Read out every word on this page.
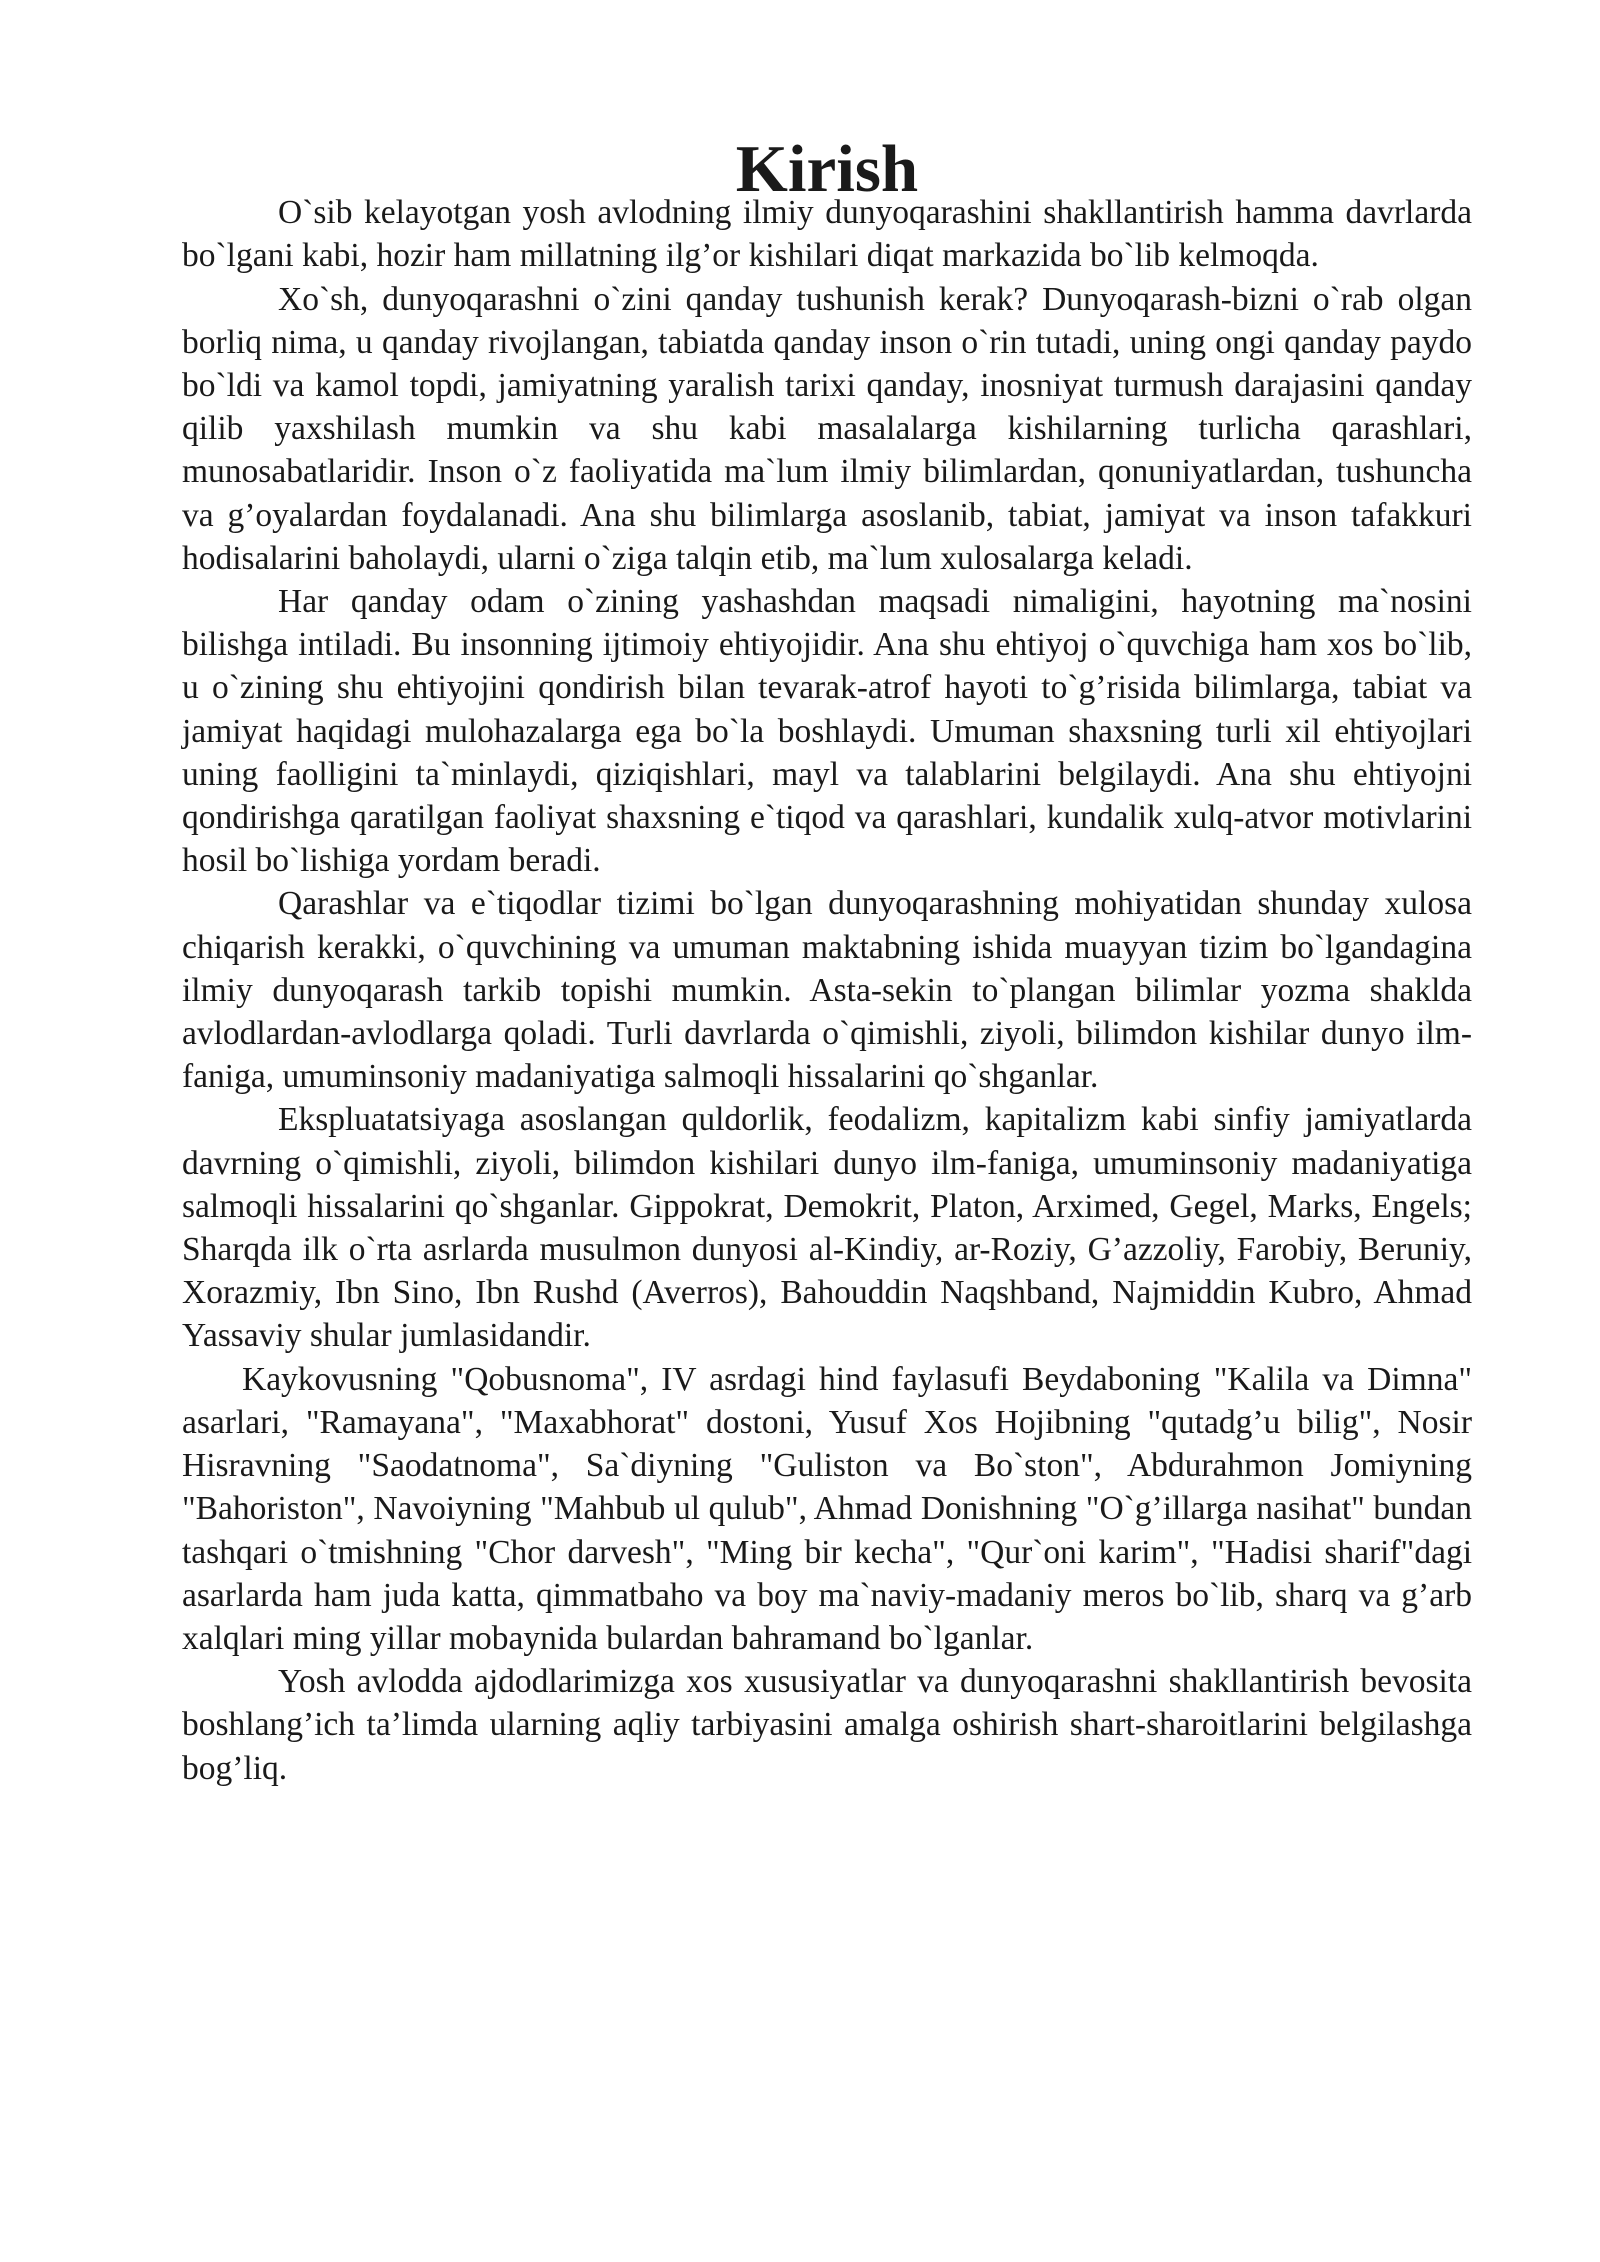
Kirish

O`sib kelayotgan yosh avlodning ilmiy dunyoqarashini shakllantirish hamma davrlarda bo`lgani kabi, hozir ham millatning ilg’or kishilari diqat markazida bo`lib kelmoqda.

Xo`sh, dunyoqarashni o`zini qanday tushunish kerak? Dunyoqarash-bizni o`rab olgan borliq nima, u qanday rivojlangan, tabiatda qanday inson o`rin tutadi, uning ongi qanday paydo bo`ldi va kamol topdi, jamiyatning yaralish tarixi qanday, inosniyat turmush darajasini qanday qilib yaxshilash mumkin va shu kabi masalalarga kishilarning turlicha qarashlari, munosabatlaridir. Inson o`z faoliyatida ma`lum ilmiy bilimlardan, qonuniyatlardan, tushuncha va g’oyalardan foydalanadi. Ana shu bilimlarga asoslanib, tabiat, jamiyat va inson tafakkuri hodisalarini baholaydi, ularni o`ziga talqin etib, ma`lum xulosalarga keladi.

Har qanday odam o`zining yashashdan maqsadi nimaligini, hayotning ma`nosini bilishga intiladi. Bu insonning ijtimoiy ehtiyojidir. Ana shu ehtiyoj o`quvchiga ham xos bo`lib, u o`zining shu ehtiyojini qondirish bilan tevarak-atrof hayoti to`g’risida bilimlarga, tabiat va jamiyat haqidagi mulohazalarga ega bo`la boshlaydi. Umuman shaxsning turli xil ehtiyojlari uning faolligini ta`minlaydi, qiziqishlari, mayl va talablarini belgilaydi. Ana shu ehtiyojni qondirishga qaratilgan faoliyat shaxsning e`tiqod va qarashlari, kundalik xulq-atvor motivlarini hosil bo`lishiga yordam beradi.

Qarashlar va e`tiqodlar tizimi bo`lgan dunyoqarashning mohiyatidan shunday xulosa chiqarish kerakki, o`quvchining va umuman maktabning ishida muayyan tizim bo`lgandagina ilmiy dunyoqarash tarkib topishi mumkin. Asta-sekin to`plangan bilimlar yozma shaklda avlodlardan-avlodlarga qoladi. Turli davrlarda o`qimishli, ziyoli, bilimdon kishilar dunyo ilm-faniga, umuminsoniy madaniyatiga salmoqli hissalarini qo`shganlar.

Ekspluatatsiyaga asoslangan quldorlik, feodalizm, kapitalizm kabi sinfiy jamiyatlarda davrning o`qimishli, ziyoli, bilimdon kishilari dunyo ilm-faniga, umuminsoniy madaniyatiga salmoqli hissalarini qo`shganlar. Gippokrat, Demokrit, Platon, Arximed, Gegel, Marks, Engels; Sharqda ilk o`rta asrlarda musulmon dunyosi al-Kindiy, ar-Roziy, G’azzoliy, Farobiy, Beruniy, Xorazmiy, Ibn Sino, Ibn Rushd (Averros), Bahouddin Naqshband, Najmiddin Kubro, Ahmad Yassaviy shular jumlasidandir.

Kaykovusning "Qobusnoma", IV asrdagi hind faylasufi Beydaboning "Kalila va Dimna" asarlari, "Ramayana", "Maxabhorat" dostoni, Yusuf Xos Hojibning "qutadg’u bilig", Nosir Hisravning "Saodatnoma", Sa`diyning "Guliston va Bo`ston", Abdurahmon Jomiyning "Bahoriston", Navoiyning "Mahbub ul qulub", Ahmad Donishning "O`g’illarga nasihat" bundan tashqari o`tmishning "Chor darvesh", "Ming bir kecha", "Qur`oni karim", "Hadisi sharif"dagi asarlarda ham juda katta, qimmatbaho va boy ma`naviy-madaniy meros bo`lib, sharq va g’arb xalqlari ming yillar mobaynida bulardan bahramand bo`lganlar.

Yosh avlodda ajdodlarimizga xos xususiyatlar va dunyoqarashni shakllantirish bevosita boshlang’ich ta’limda ularning aqliy tarbiyasini amalga oshirish shart-sharoitlarini belgilashga bog’liq.
